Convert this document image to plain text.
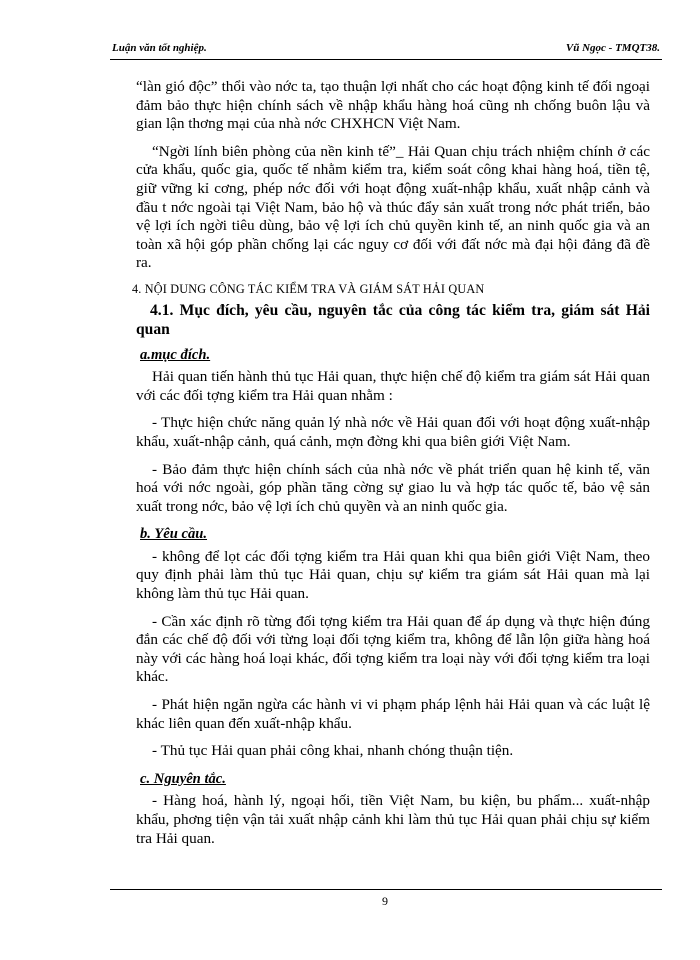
Luận văn tốt nghiệp.	Vũ Ngọc - TMQT38.

“làn gió độc” thổi vào nớc ta, tạo thuận lợi nhất cho các hoạt động kinh tế đối ngoại đảm bảo thực hiện chính sách về nhập khẩu hàng hoá cũng nh chống buôn lậu và gian lận thơng mại của nhà nớc CHXHCN Việt Nam.

“Ngời lính biên phòng của nền kinh tế”_ Hải Quan chịu trách nhiệm chính ở các cửa khẩu, quốc gia, quốc tế nhằm kiểm tra, kiểm soát công khai hàng hoá, tiền tệ, giữ vững kỉ cơng, phép nớc đối với hoạt động xuất-nhập khẩu, xuất nhập cảnh và đầu t nớc ngoài tại Việt Nam, bảo hộ và thúc đẩy sản xuất trong nớc phát triển, bảo vệ lợi ích ngời tiêu dùng, bảo vệ lợi ích chủ quyền kinh tế, an ninh quốc gia và an toàn xã hội góp phần chống lại các nguy cơ đối với đất nớc mà đại hội đảng đã đề ra.

4. NỘI DUNG CÔNG TÁC KIỂM TRA VÀ GIÁM SÁT HẢI QUAN

4.1. Mục đích, yêu cầu, nguyên tắc của công tác kiểm tra, giám sát Hải quan

a.mục đích.

Hải quan tiến hành thủ tục Hải quan, thực hiện chế độ kiểm tra giám sát Hải quan với các đối tợng kiểm tra Hải quan nhằm :

- Thực hiện chức năng quản lý nhà nớc về Hải quan đối với hoạt động xuất-nhập khẩu, xuất-nhập cảnh, quá cảnh, mợn đờng khi qua biên giới Việt Nam.

- Bảo đảm thực hiện chính sách của nhà nớc về phát triển quan hệ kinh tế, văn hoá với nớc ngoài, góp phần tăng cờng sự giao lu và hợp tác quốc tế, bảo vệ sản xuất trong nớc, bảo vệ lợi ích chủ quyền và an ninh quốc gia.

b. Yêu cầu.

- không để lọt các đối tợng kiểm tra Hải quan khi qua biên giới Việt Nam, theo quy định phải làm thủ tục Hải quan, chịu sự kiểm tra giám sát Hải quan mà lại không làm thủ tục Hải quan.

- Cần xác định rõ từng đối tợng kiểm tra Hải quan để áp dụng và thực hiện đúng đắn các chế độ đối với từng loại đối tợng kiểm tra, không để lẫn lộn giữa hàng hoá này với các hàng hoá loại khác, đối tợng kiểm tra loại này với đối tợng kiểm tra loại khác.

- Phát hiện ngăn ngừa các hành vi vi phạm pháp lệnh hải Hải quan và các luật lệ khác liên quan đến xuất-nhập khẩu.

- Thủ tục Hải quan phải công khai, nhanh chóng thuận tiện.

c. Nguyên tắc.

- Hàng hoá, hành lý, ngoại hối, tiền Việt Nam, bu kiện, bu phẩm... xuất-nhập khẩu, phơng tiện vận tải xuất nhập cảnh khi làm thủ tục Hải quan phải chịu sự kiểm tra Hải quan.

9
